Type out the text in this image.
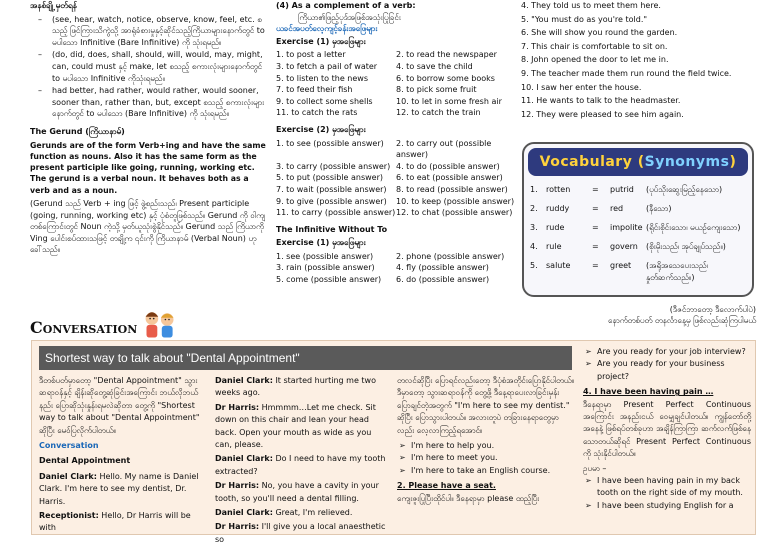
အနစ်ချို့ မှတ်ရန်
– (see, hear, watch, notice, observe, know, feel, etc. စသည့် ဖြင်ကြားသိကွဲသို့ အာရုံခံစားမှုနှင့်ဆိုင်သည့်ကြိယာများနောက်တွင် to မပါသော Infinitive (Bare Infinitive) ကို သုံးရမည်။
– (do, did, does, shall, should, will, would, may, might, can, could must နှင့် make, let စသည့် စကားလုံးများနောက်တွင် to မပါသော Infinitive ကိုသုံးရမည်။
– had better, had rather, would rather, would sooner, sooner than, rather than, but, except စသည့် စကားလုံးများ နောက်တွင် to မပါသော (Bare Infinitive) ကို သုံးရမည်။
The Gerund (ကြိယာနာမ်)
Gerunds are of the form Verb+ing and have the same function as nouns. Also it has the same form as the present participle like going, running, working etc. The gerund is a verbal noun. It behaves both as a verb and as a noun.
(Gerund သည် Verb + ing ဖြင့် ဖွဲ့စည်းသည်၊ Present participle (going, running, working etc) နှင့် ပုံစံတူဖြစ်သည်။ Gerund ကို ဝါကျတစ်ကြောင်းတွင် Noun ကဲ့သို့ မှတ်ယူသုံးစွဲနိုင်သည်။ Gerund သည် ကြိယာကို Ving ပေါင်းစပ်ထားသဖြင့် တချို့က ၎င်းကို ကြိယာနာမ် (Verbal Noun) ဟု ခေါ်သည်။
(4) As a complement of a verb:
ကြိယာ၏ဖြည့်ပုဒ်အဖြစ်အသုံးပြုခြင်း
ယခင်အပတ်လေ့ကျင့်ခန်းအဖြေများ
Exercise (1) မှအဖြေများ
1. to post a letter	2. to read the newspaper
3. to fetch a pail of water	4. to save the child
5. to listen to the news	6. to borrow some books
7. to feed their fish	8. to pick some fruit
9. to collect some shells	10. to let in some fresh air
11. to catch the rats	12. to catch the train
Exercise (2) မှအဖြေများ
1. to see (possible answer)	2. to carry out (possible answer)
3. to carry (possible answer) 4. to do (possible answer)
5. to put (possible answer)	6. to eat (possible answer)
7. to wait (possible answer)	8. to read (possible answer)
9. to give (possible answer)	10. to keep (possible answer)
11. to carry (possible answer) 12. to chat (possible answer)
The Infinitive Without To
Exercise (1) မှအဖြေများ
1. see (possible answer)	2. phone (possible answer)
3. rain (possible answer)	4. fly (possible answer)
5. come (possible answer)	6. do (possible answer)
4. They told us to meet them here.
5. "You must do as you're told."
6. She will show you round the garden.
7. This chair is comfortable to sit on.
8. John opened the door to let me in.
9. The teacher made them run round the field twice.
10. I saw her enter the house.
11. He wants to talk to the headmaster.
12. They were pleased to see him again.
Vocabulary (Synonyms)
1.	rotten	=	putrid	(ပုပ်သိုးဆွေးမြည့်နေသော)
2.	ruddy	=	red	(နီသော)
3.	rude	=	impolite (ရိုင်းစိုင်းသော၊ မယဉ်ကျေးသော)
4.	rule	=	govern	(စိုးမိုးသည်၊ အုပ်ချုပ်သည်။)
5.	salute	=	greet	(အရိုအသေပေးသည်၊ နှုတ်ဆက်သည်။)
(ဒီဇင်ဘာတော့ ဒီလောက်ပါပဲ)
နောက်တစ်ပတ် တနင်္လာနေ့မှ ဖြစ်လည်းဆုံကြပါမယ်
Conversation
Shortest way to talk about "Dental Appointment"
ဒီတစ်ပတ်မှာတော့ "Dental Appointment" သွားဆရာဝန်နှင့် ချိန်းဆိုတွေ့ဆုံခြင်းအကြောင်း ဘယ်လိုဘယ်နည်း ပြောဆိုသုံးနှုန်းရမလဲဆိုတာ တွေ့ကို "Shortest way to talk about "Dental Appointment" ဆိုပြီး မေဝ်ပြလိုက်ပါတယ်။
Conversation
Dental Appointment
Daniel Clark: Hello. My name is Daniel Clark. I'm here to see my dentist, Dr. Harris.
Receptionist: Hello, Dr Harris will be with
Daniel Clark: It started hurting me two weeks ago.
Dr Harris: Hmmmm…Let me check. Sit down on this chair and lean your head back. Open your mouth as wide as you can, please.
Daniel Clark: Do I need to have my tooth extracted?
Dr Harris: No, you have a cavity in your tooth, so you'll need a dental filling.
Daniel Clark: Great, I'm relieved.
Dr Harris: I'll give you a local anaesthetic so
တလင်ဆိုပြီး ပြောရင်လည်းတော့ ဒီပုံစံအတိုင်းပြောနိုင်ပါတယ်။ ဒီမှာတော့ သွားဆရာဝန်ကို တွေ့ဖို့ ဒီနေ့ရာပေးလာခြင်းမှန်း ပြောချင်တဲ့အတွက် "I'm here to see my dentist." ဆိုပြီး ပြောသွားပါတယ်။ အလားတူပဲ တခြားနေရာတွေမှာလည်း လေ့လာကြည့်ရအောင်။
➢ I'm here to help you.
➢ I'm here to meet you.
➢ I'm here to take an English course.
2. Please have a seat.
ကျေးဇူးပြုပြီးထိုင်ပါ။ ဒီနေရာမှာ please ထည့်ပြီး
➢ Are you ready for your job interview?
➢ Are you ready for your business project?
4. I have been having pain …
ဒီနေရာမှာ Present Perfect Continuous အကြောင်း အနည်းငယ် ဝေမျှချင်ပါတယ်။ ကျွန်တော်တို့အနေနဲ့ ဖြစ်ရပ်တစ်ခုဟာ အချိန်ကြာကြာ ဆက်လက်ဖြစ်နေသောတယ်ဆိုရင် Present Perfect Continuous ကို သုံးနိုင်ပါတယ်။
ဥပမာ –
➢ I have been having pain in my back tooth on the right side of my mouth.
➢ I have been studying English for a
